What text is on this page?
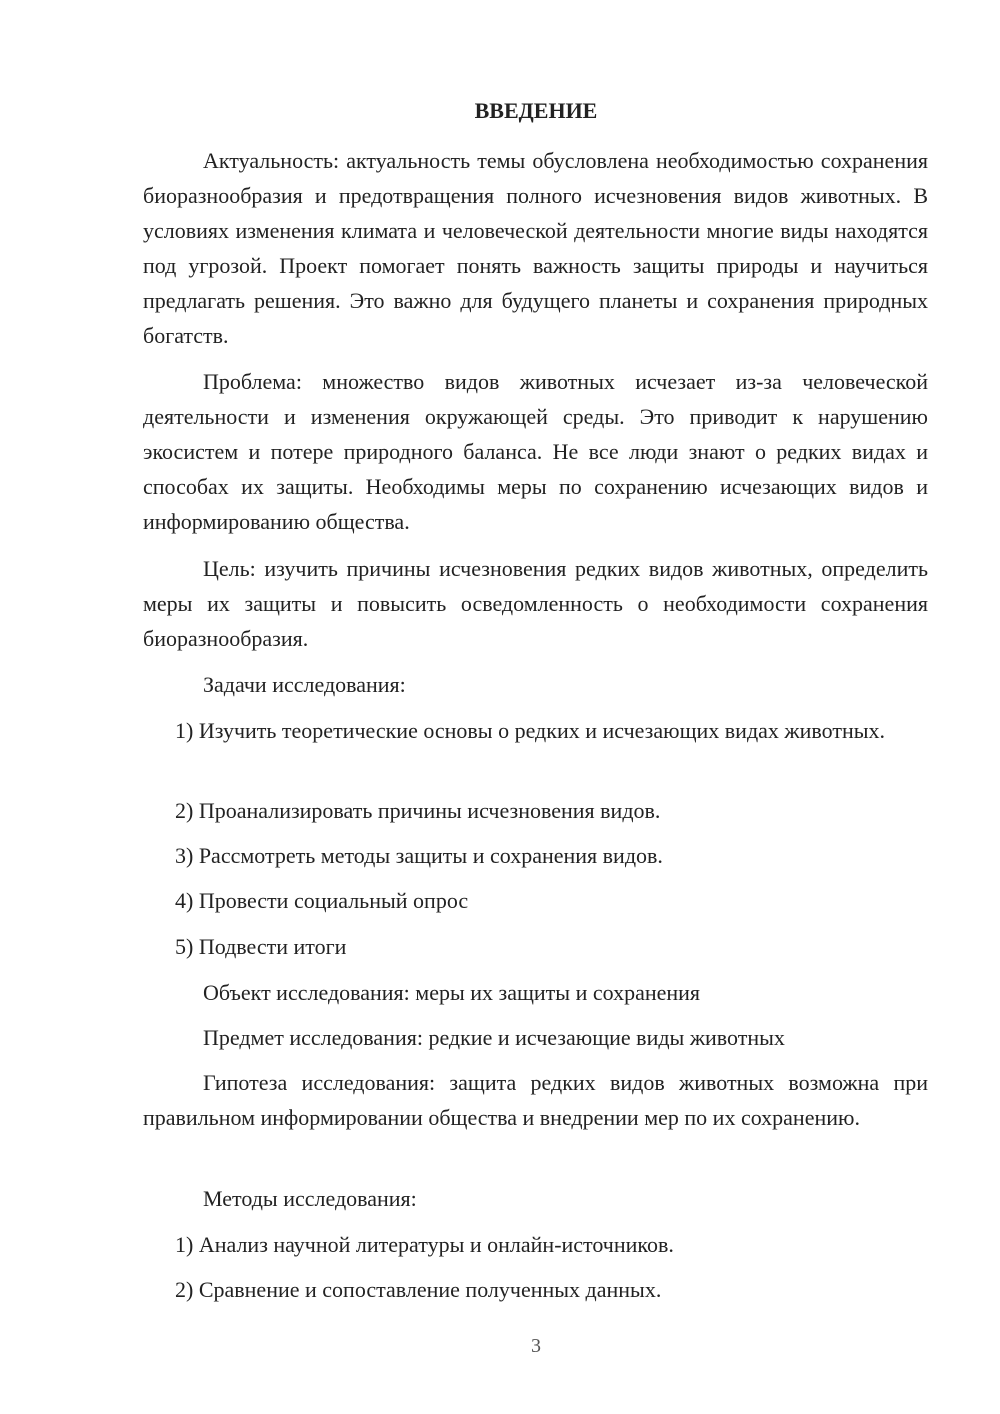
ВВЕДЕНИЕ

Актуальность: актуальность темы обусловлена необходимостью сохранения биоразнообразия и предотвращения полного исчезновения видов животных. В условиях изменения климата и человеческой деятельности многие виды находятся под угрозой. Проект помогает понять важность защиты природы и научиться предлагать решения. Это важно для будущего планеты и сохранения природных богатств.

Проблема: множество видов животных исчезает из-за человеческой деятельности и изменения окружающей среды. Это приводит к нарушению экосистем и потере природного баланса. Не все люди знают о редких видах и способах их защиты. Необходимы меры по сохранению исчезающих видов и информированию общества.

Цель: изучить причины исчезновения редких видов животных, определить меры их защиты и повысить осведомленность о необходимости сохранения биоразнообразия.

Задачи исследования:

1) Изучить теоретические основы о редких и исчезающих видах животных.

2) Проанализировать причины исчезновения видов.

3) Рассмотреть методы защиты и сохранения видов.

4) Провести социальный опрос

5) Подвести итоги

Объект исследования: меры их защиты и сохранения

Предмет исследования: редкие и исчезающие виды животных

Гипотеза исследования: защита редких видов животных возможна при правильном информировании общества и внедрении мер по их сохранению.

Методы исследования:

1) Анализ научной литературы и онлайн-источников.

2) Сравнение и сопоставление полученных данных.

3
